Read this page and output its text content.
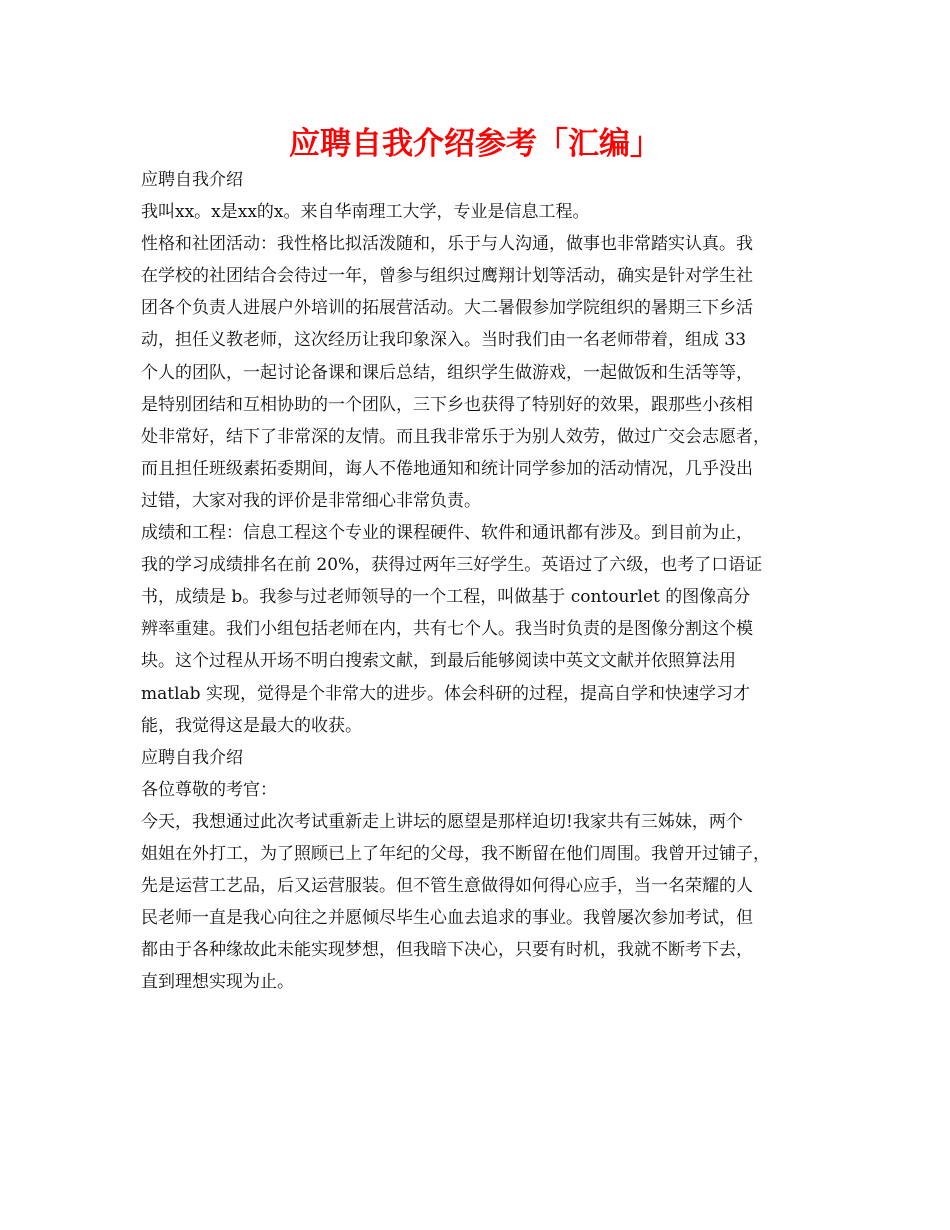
应聘自我介绍参考「汇编」
应聘自我介绍
我叫xx。x是xx的x。来自华南理工大学，专业是信息工程。
性格和社团活动：我性格比拟活泼随和，乐于与人沟通，做事也非常踏实认真。我
在学校的社团结合会待过一年，曾参与组织过鹰翔计划等活动，确实是针对学生社
团各个负责人进展户外培训的拓展营活动。大二暑假参加学院组织的暑期三下乡活
动，担任义教老师，这次经历让我印象深入。当时我们由一名老师带着，组成 33
个人的团队，一起讨论备课和课后总结，组织学生做游戏，一起做饭和生活等等，
是特别团结和互相协助的一个团队，三下乡也获得了特别好的效果，跟那些小孩相
处非常好，结下了非常深的友情。而且我非常乐于为别人效劳，做过广交会志愿者，
而且担任班级素拓委期间，诲人不倦地通知和统计同学参加的活动情况，几乎没出
过错，大家对我的评价是非常细心非常负责。
成绩和工程：信息工程这个专业的课程硬件、软件和通讯都有涉及。到目前为止，
我的学习成绩排名在前 20%，获得过两年三好学生。英语过了六级，也考了口语证
书，成绩是 b。我参与过老师领导的一个工程，叫做基于 contourlet 的图像高分
辨率重建。我们小组包括老师在内，共有七个人。我当时负责的是图像分割这个模
块。这个过程从开场不明白搜索文献，到最后能够阅读中英文文献并依照算法用
matlab 实现，觉得是个非常大的进步。体会科研的过程，提高自学和快速学习才
能，我觉得这是最大的收获。
应聘自我介绍
各位尊敬的考官：
今天，我想通过此次考试重新走上讲坛的愿望是那样迫切!我家共有三姊妹，两个
姐姐在外打工，为了照顾已上了年纪的父母，我不断留在他们周围。我曾开过铺子，
先是运营工艺品，后又运营服装。但不管生意做得如何得心应手，当一名荣耀的人
民老师一直是我心向往之并愿倾尽毕生心血去追求的事业。我曾屡次参加考试，但
都由于各种缘故此未能实现梦想，但我暗下决心，只要有时机，我就不断考下去，
直到理想实现为止。
